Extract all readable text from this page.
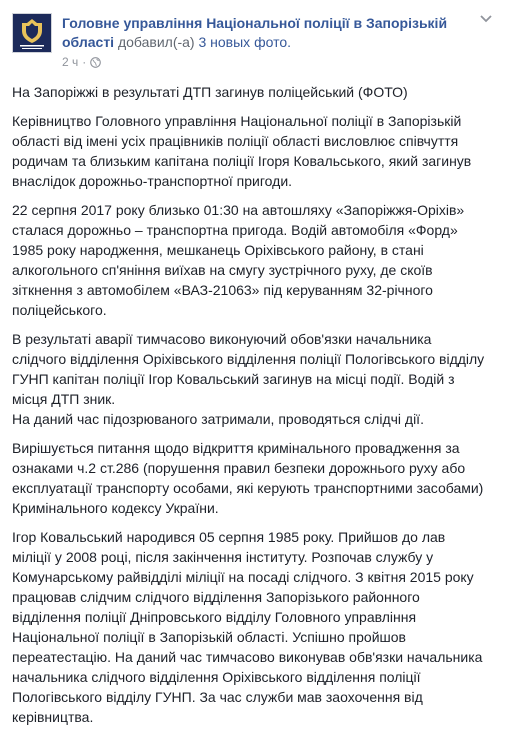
Головне управління Національної поліції в Запорізькій області добавил(-а) 3 новых фото.
2 ч ·

На Запоріжжі в результаті ДТП загинув поліцейський (ФОТО)

Керівництво Головного управління Національної поліції в Запорізькій
області від імені усіх працівників поліції області висловлює співчуття
родичам та близьким капітана поліції Ігоря Ковальського, який загинув
внаслідок дорожньо-транспортної пригоди.

22 серпня 2017 року близько 01:30 на автошляху «Запоріжжя-Оріхів»
сталася дорожньо – транспортна пригода. Водій автомобіля «Форд»
1985 року народження, мешканець Оріхівського району, в стані
алкогольного сп'яніння виїхав на смугу зустрічного руху, де скоїв
зіткнення з автомобілем «ВАЗ-21063» під керуванням 32-річного
поліцейського.

В результаті аварії тимчасово виконуючий обов'язки начальника
слідчого відділення Оріхівського відділення поліції Пологівського відділу
ГУНП капітан поліції Ігор Ковальський загинув на місці події. Водій з
місця ДТП зник.
На даний час підозрюваного затримали, проводяться слідчі дії.

Вирішується питання щодо відкриття кримінального провадження за
ознаками ч.2 ст.286 (порушення правил безпеки дорожнього руху або
експлуатації транспорту особами, які керують транспортними засобами)
Кримінального кодексу України.

Ігор Ковальський народився 05 серпня 1985 року. Прийшов до лав
міліції у 2008 році, після закінчення інституту. Розпочав службу у
Комунарському райвідділі міліції на посаді слідчого. З квітня 2015 року
працював слідчим слідчого відділення Запорізького районного
відділення поліції Дніпровського відділу Головного управління
Національної поліції в Запорізькій області. Успішно пройшов
переатестацію. На даний час тимчасово виконував обв'язки начальника
начальника слідчого відділення Оріхівського відділення поліції
Пологівського відділу ГУНП. За час служби мав заохочення від
керівництва.
